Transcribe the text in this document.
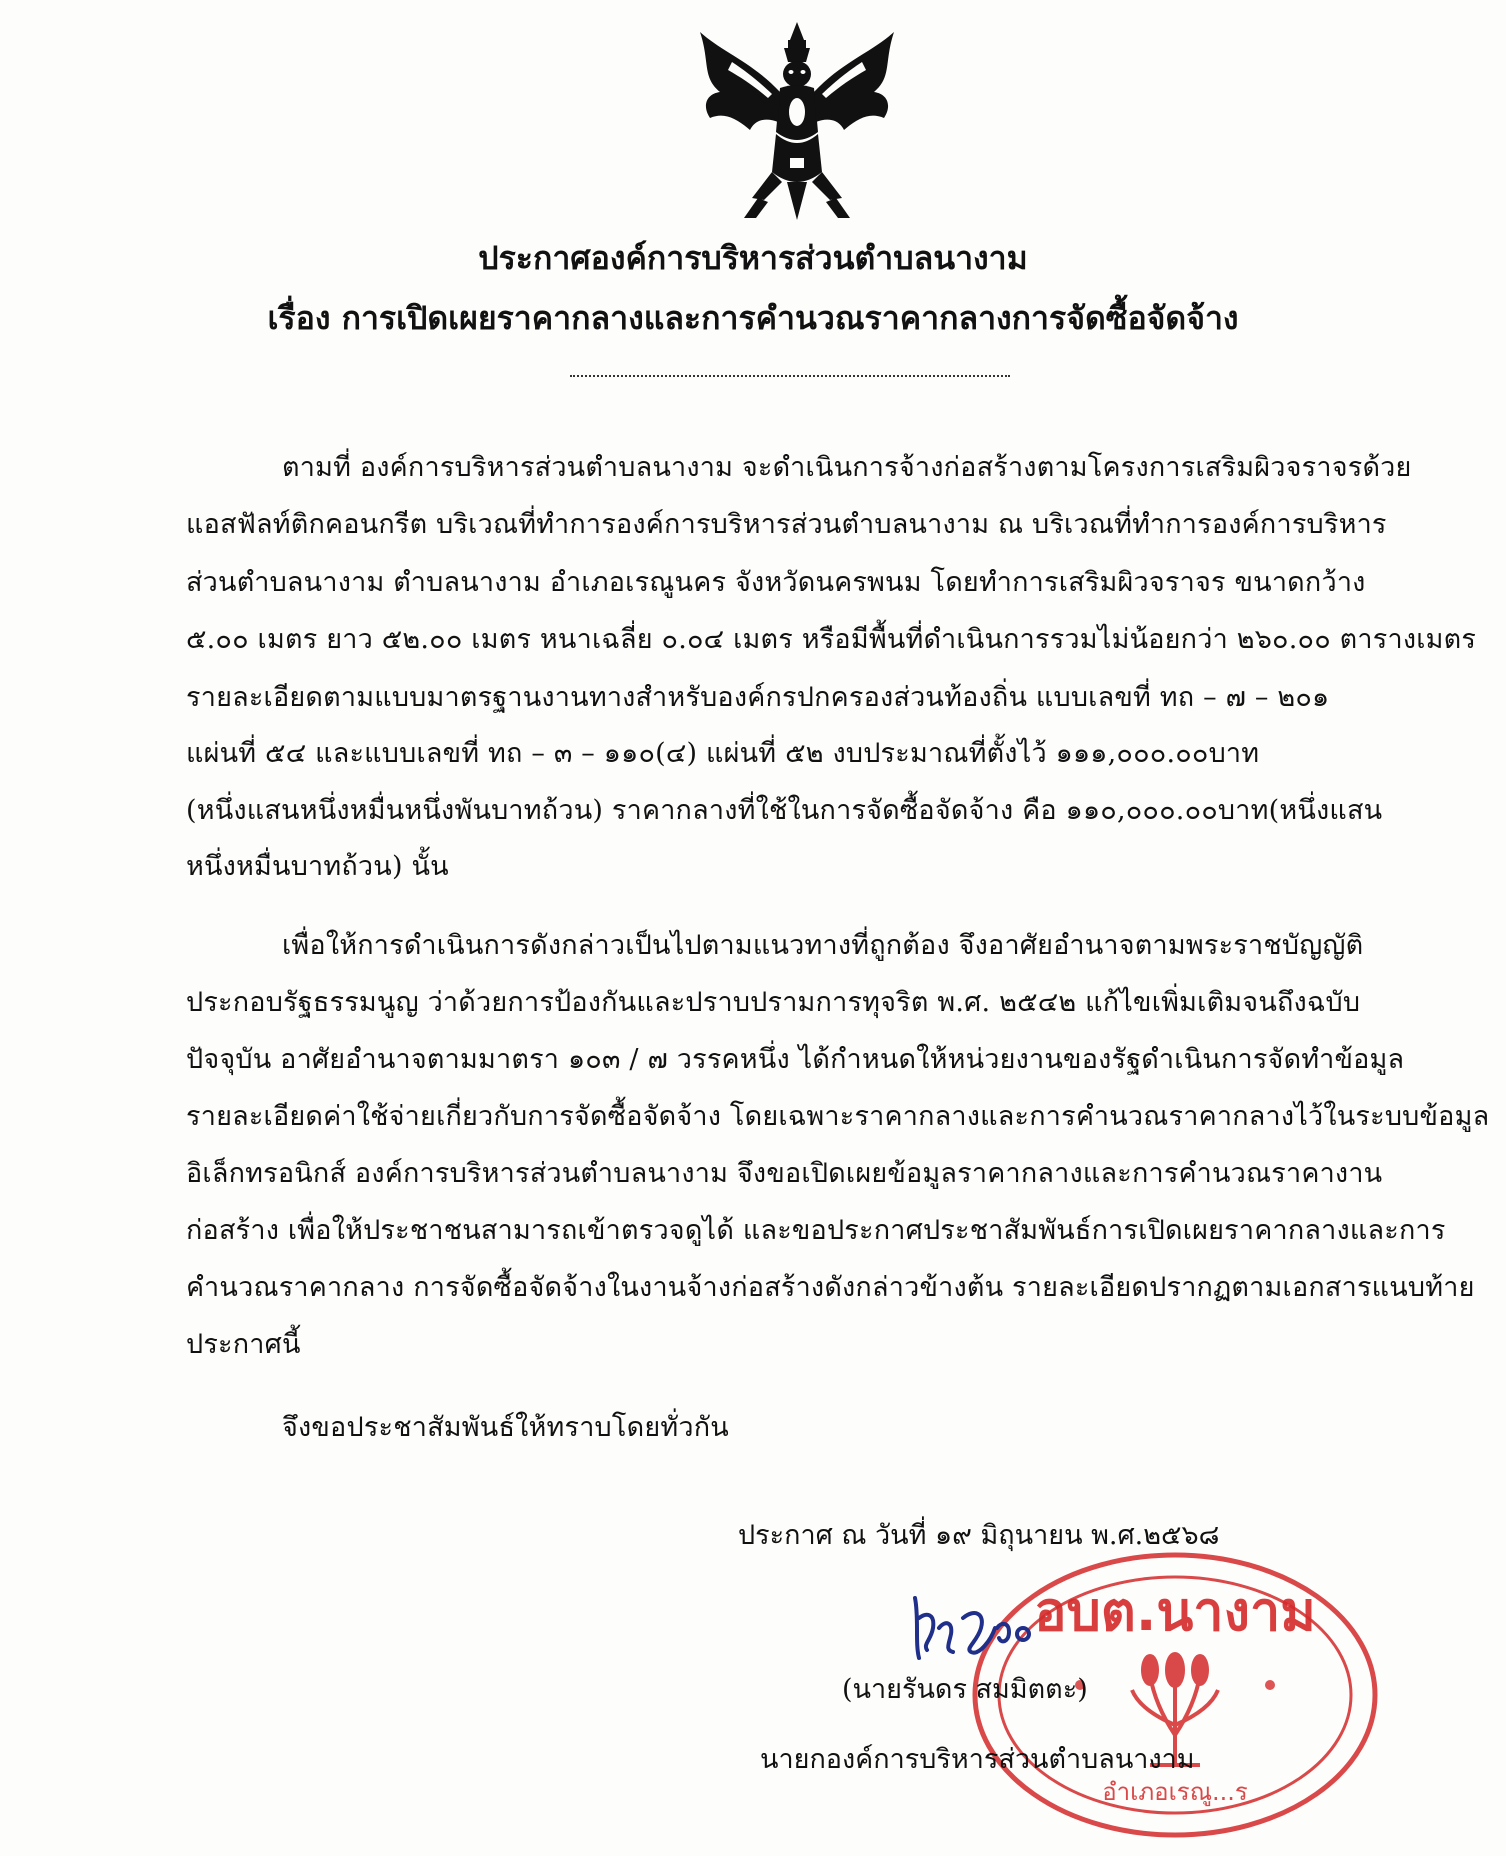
ประกาศองค์การบริหารส่วนตำบลนางาม
เรื่อง การเปิดเผยราคากลางและการคำนวณราคากลางการจัดซื้อจัดจ้าง
ตามที่ องค์การบริหารส่วนตำบลนางาม จะดำเนินการจ้างก่อสร้างตามโครงการเสริมผิวจราจรด้วย
แอสฟัลท์ติกคอนกรีต บริเวณที่ทำการองค์การบริหารส่วนตำบลนางาม ณ บริเวณที่ทำการองค์การบริหาร
ส่วนตำบลนางาม ตำบลนางาม อำเภอเรณูนคร จังหวัดนครพนม โดยทำการเสริมผิวจราจร ขนาดกว้าง
๕.๐๐ เมตร ยาว ๕๒.๐๐ เมตร หนาเฉลี่ย ๐.๐๔ เมตร หรือมีพื้นที่ดำเนินการรวมไม่น้อยกว่า ๒๖๐.๐๐ ตารางเมตร
รายละเอียดตามแบบมาตรฐานงานทางสำหรับองค์กรปกครองส่วนท้องถิ่น แบบเลขที่ ทถ – ๗ – ๒๐๑
แผ่นที่ ๕๔ และแบบเลขที่ ทถ – ๓ – ๑๑๐(๔) แผ่นที่ ๕๒ งบประมาณที่ตั้งไว้ ๑๑๑,๐๐๐.๐๐บาท
(หนึ่งแสนหนึ่งหมื่นหนึ่งพันบาทถ้วน) ราคากลางที่ใช้ในการจัดซื้อจัดจ้าง คือ ๑๑๐,๐๐๐.๐๐บาท(หนึ่งแสน
หนึ่งหมื่นบาทถ้วน) นั้น
เพื่อให้การดำเนินการดังกล่าวเป็นไปตามแนวทางที่ถูกต้อง จึงอาศัยอำนาจตามพระราชบัญญัติ
ประกอบรัฐธรรมนูญ ว่าด้วยการป้องกันและปราบปรามการทุจริต พ.ศ. ๒๕๔๒ แก้ไขเพิ่มเติมจนถึงฉบับ
ปัจจุบัน อาศัยอำนาจตามมาตรา ๑๐๓ / ๗ วรรคหนึ่ง ได้กำหนดให้หน่วยงานของรัฐดำเนินการจัดทำข้อมูล
รายละเอียดค่าใช้จ่ายเกี่ยวกับการจัดซื้อจัดจ้าง โดยเฉพาะราคากลางและการคำนวณราคากลางไว้ในระบบข้อมูล
อิเล็กทรอนิกส์ องค์การบริหารส่วนตำบลนางาม จึงขอเปิดเผยข้อมูลราคากลางและการคำนวณราคางาน
ก่อสร้าง เพื่อให้ประชาชนสามารถเข้าตรวจดูได้ และขอประกาศประชาสัมพันธ์การเปิดเผยราคากลางและการ
คำนวณราคากลาง การจัดซื้อจัดจ้างในงานจ้างก่อสร้างดังกล่าวข้างต้น รายละเอียดปรากฏตามเอกสารแนบท้าย
ประกาศนี้
จึงขอประชาสัมพันธ์ให้ทราบโดยทั่วกัน
ประกาศ ณ วันที่ ๑๙ มิถุนายน พ.ศ.๒๕๖๘
อบต.นางาม
อำเภอเรณู...ร
(นายรันดร สมมิตตะ)
นายกองค์การบริหารส่วนตำบลนางาม
